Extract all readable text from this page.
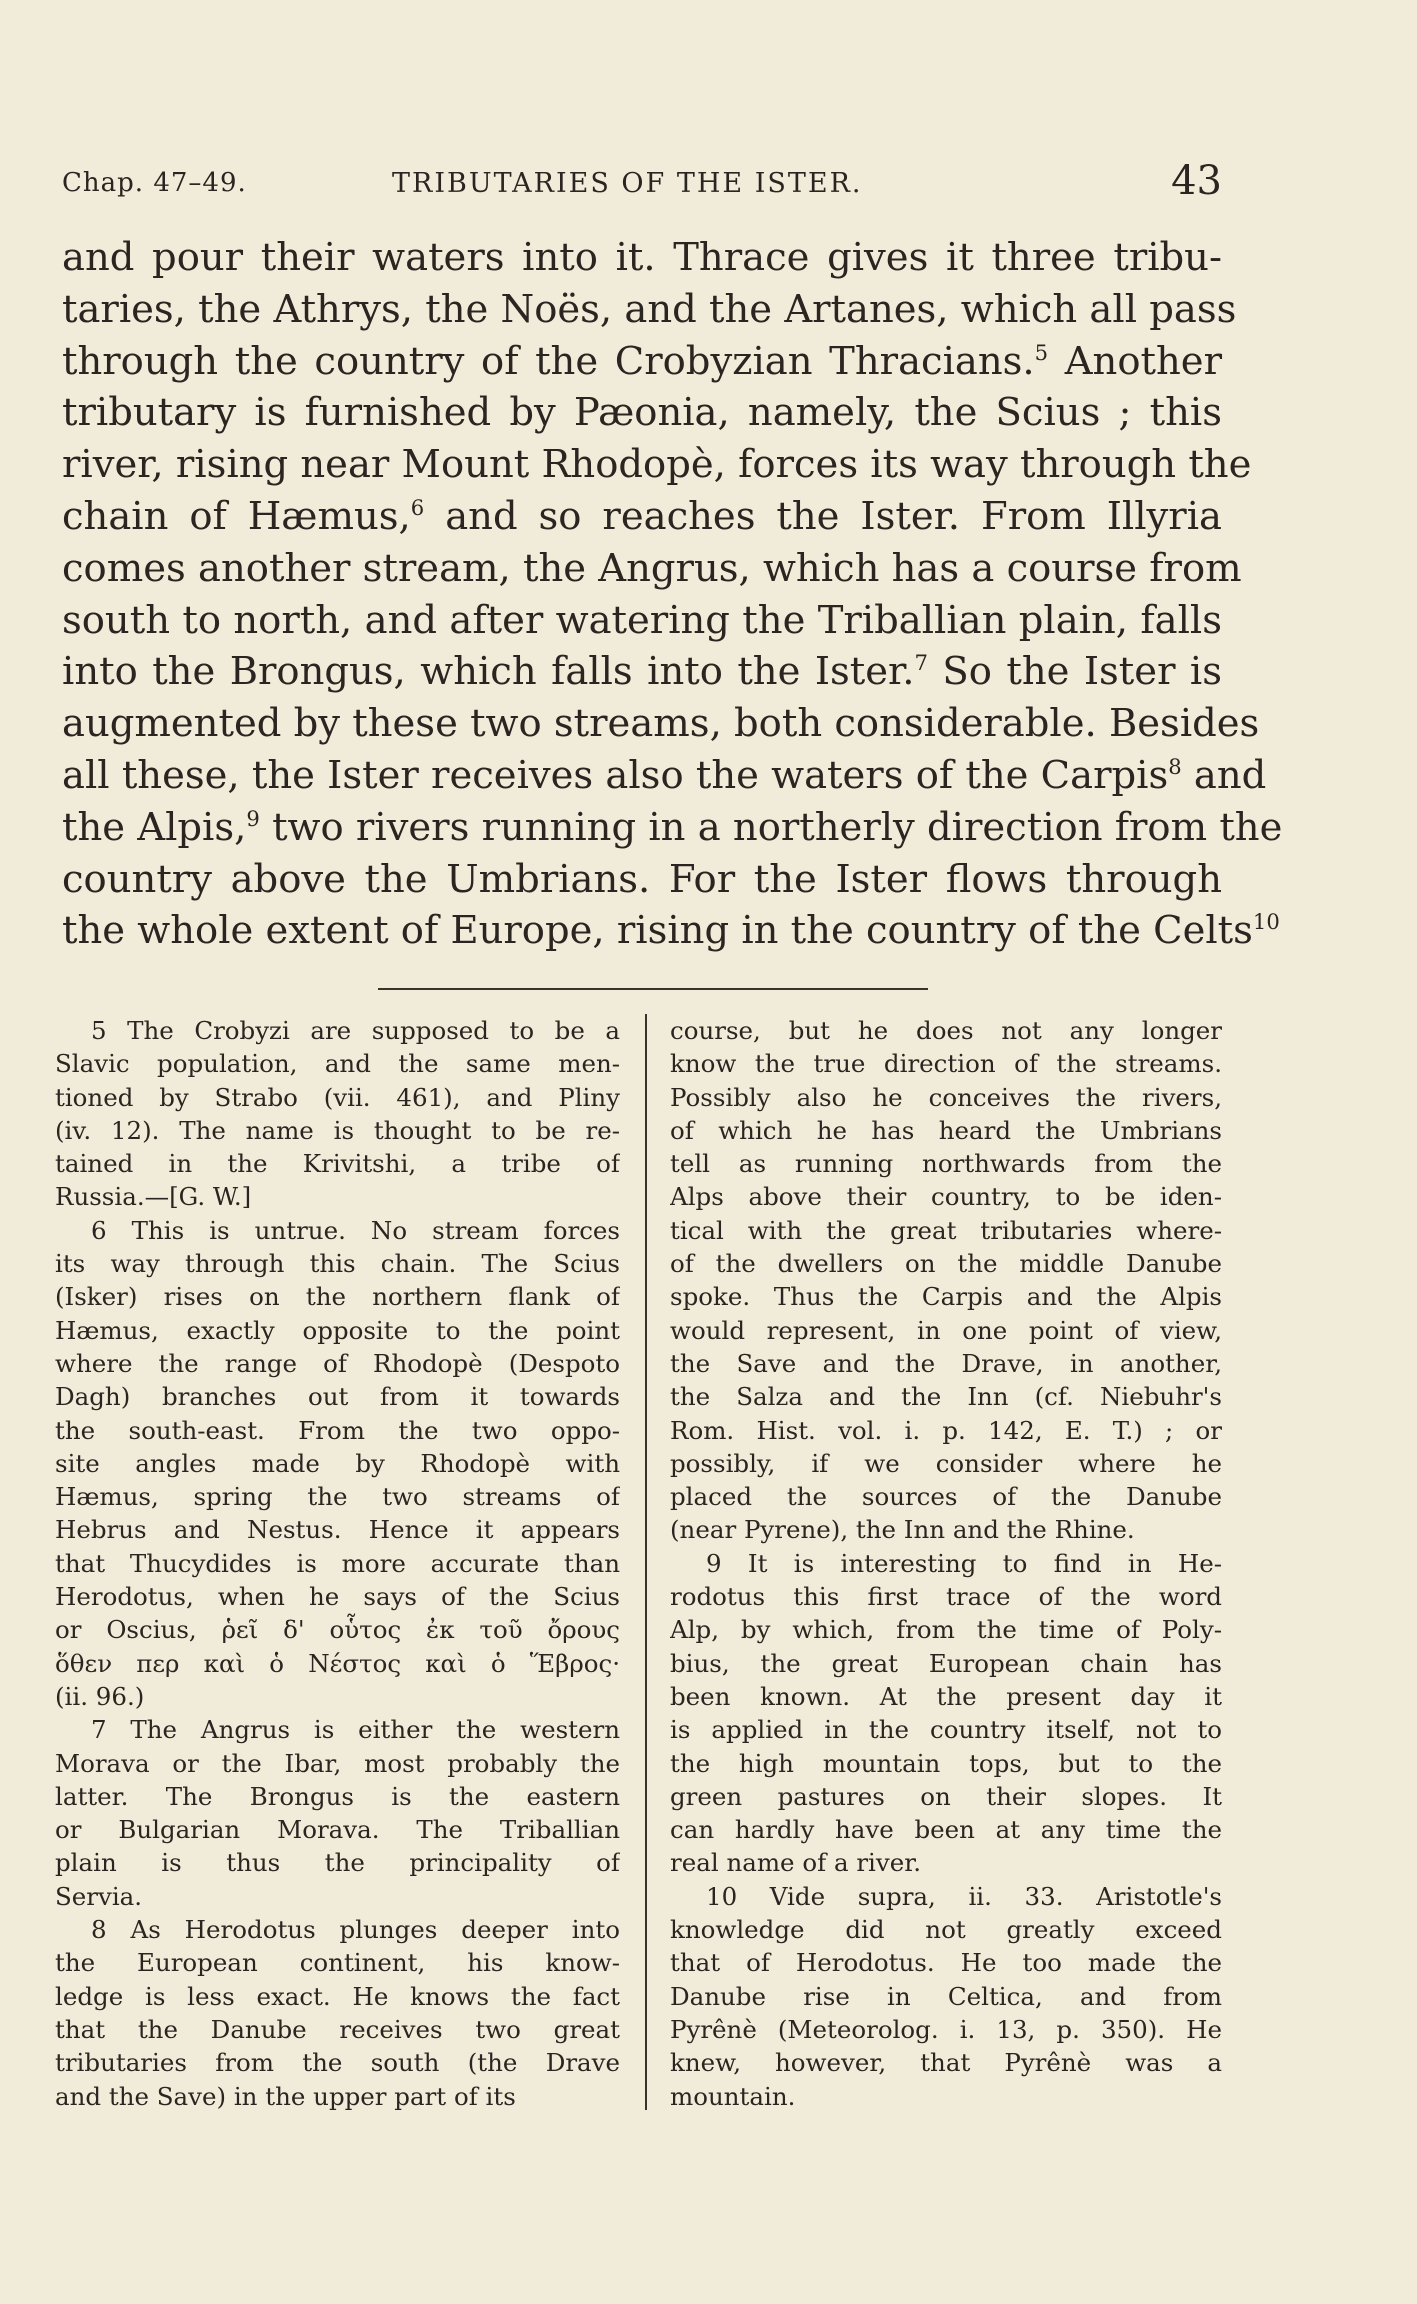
Chap. 47–49.	TRIBUTARIES OF THE ISTER.	43
and pour their waters into it. Thrace gives it three tribu-
taries, the Athrys, the Noës, and the Artanes, which all pass
through the country of the Crobyzian Thracians.$^5$ Another
tributary is furnished by Pæonia, namely, the Scius ; this
river, rising near Mount Rhodopè, forces its way through the
chain of Hæmus,$^6$ and so reaches the Ister. From Illyria
comes another stream, the Angrus, which has a course from
south to north, and after watering the Triballian plain, falls
into the Brongus, which falls into the Ister.$^7$ So the Ister is
augmented by these two streams, both considerable. Besides
all these, the Ister receives also the waters of the Carpis$^8$ and
the Alpis,$^9$ two rivers running in a northerly direction from the
country above the Umbrians. For the Ister flows through
the whole extent of Europe, rising in the country of the Celts$^{10}$
5 The Crobyzi are supposed to be a
Slavic population, and the same men-
tioned by Strabo (vii. 461), and Pliny
(iv. 12). The name is thought to be re-
tained in the Krivitshi, a tribe of
Russia.—[G. W.]
6 This is untrue. No stream forces
its way through this chain. The Scius
(Isker) rises on the northern flank of
Hæmus, exactly opposite to the point
where the range of Rhodopè (Despoto
Dagh) branches out from it towards
the south-east. From the two oppo-
site angles made by Rhodopè with
Hæmus, spring the two streams of
Hebrus and Nestus. Hence it appears
that Thucydides is more accurate than
Herodotus, when he says of the Scius
or Oscius, ῥεῖ δ' οὗτος ἐκ τοῦ ὄρους
ὅθεν περ καὶ ὁ Νέστος καὶ ὁ Ἕβρος·
(ii. 96.)
7 The Angrus is either the western
Morava or the Ibar, most probably the
latter. The Brongus is the eastern
or Bulgarian Morava. The Triballian
plain is thus the principality of
Servia.
8 As Herodotus plunges deeper into
the European continent, his know-
ledge is less exact. He knows the fact
that the Danube receives two great
tributaries from the south (the Drave
and the Save) in the upper part of its
course, but he does not any longer
know the true direction of the streams.
Possibly also he conceives the rivers,
of which he has heard the Umbrians
tell as running northwards from the
Alps above their country, to be iden-
tical with the great tributaries where-
of the dwellers on the middle Danube
spoke. Thus the Carpis and the Alpis
would represent, in one point of view,
the Save and the Drave, in another,
the Salza and the Inn (cf. Niebuhr's
Rom. Hist. vol. i. p. 142, E. T.) ; or
possibly, if we consider where he
placed the sources of the Danube
(near Pyrene), the Inn and the Rhine.
9 It is interesting to find in He-
rodotus this first trace of the word
Alp, by which, from the time of Poly-
bius, the great European chain has
been known. At the present day it
is applied in the country itself, not to
the high mountain tops, but to the
green pastures on their slopes. It
can hardly have been at any time the
real name of a river.
10 Vide supra, ii. 33. Aristotle's
knowledge did not greatly exceed
that of Herodotus. He too made the
Danube rise in Celtica, and from
Pyrênè (Meteorolog. i. 13, p. 350). He
knew, however, that Pyrênè was a
mountain.
